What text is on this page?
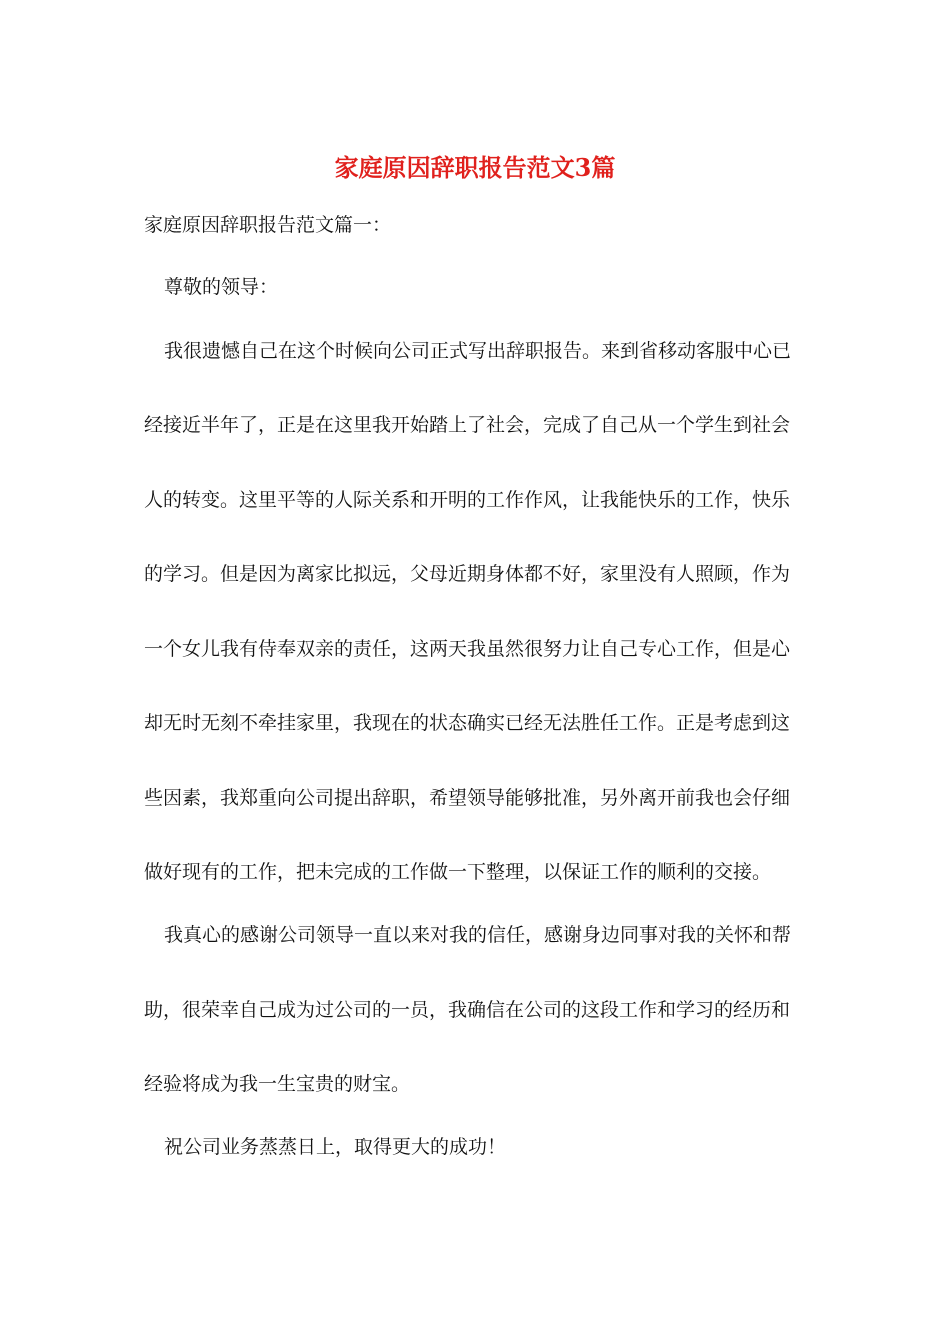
家庭原因辞职报告范文3篇
家庭原因辞职报告范文篇一：
尊敬的领导：
我很遗憾自己在这个时候向公司正式写出辞职报告。来到省移动客服中心已
经接近半年了，正是在这里我开始踏上了社会，完成了自己从一个学生到社会
人的转变。这里平等的人际关系和开明的工作作风，让我能快乐的工作，快乐
的学习。但是因为离家比拟远，父母近期身体都不好，家里没有人照顾，作为
一个女儿我有侍奉双亲的责任，这两天我虽然很努力让自己专心工作，但是心
却无时无刻不牵挂家里，我现在的状态确实已经无法胜任工作。正是考虑到这
些因素，我郑重向公司提出辞职，希望领导能够批准，另外离开前我也会仔细
做好现有的工作，把未完成的工作做一下整理，以保证工作的顺利的交接。
我真心的感谢公司领导一直以来对我的信任，感谢身边同事对我的关怀和帮
助，很荣幸自己成为过公司的一员，我确信在公司的这段工作和学习的经历和
经验将成为我一生宝贵的财宝。
祝公司业务蒸蒸日上，取得更大的成功！
